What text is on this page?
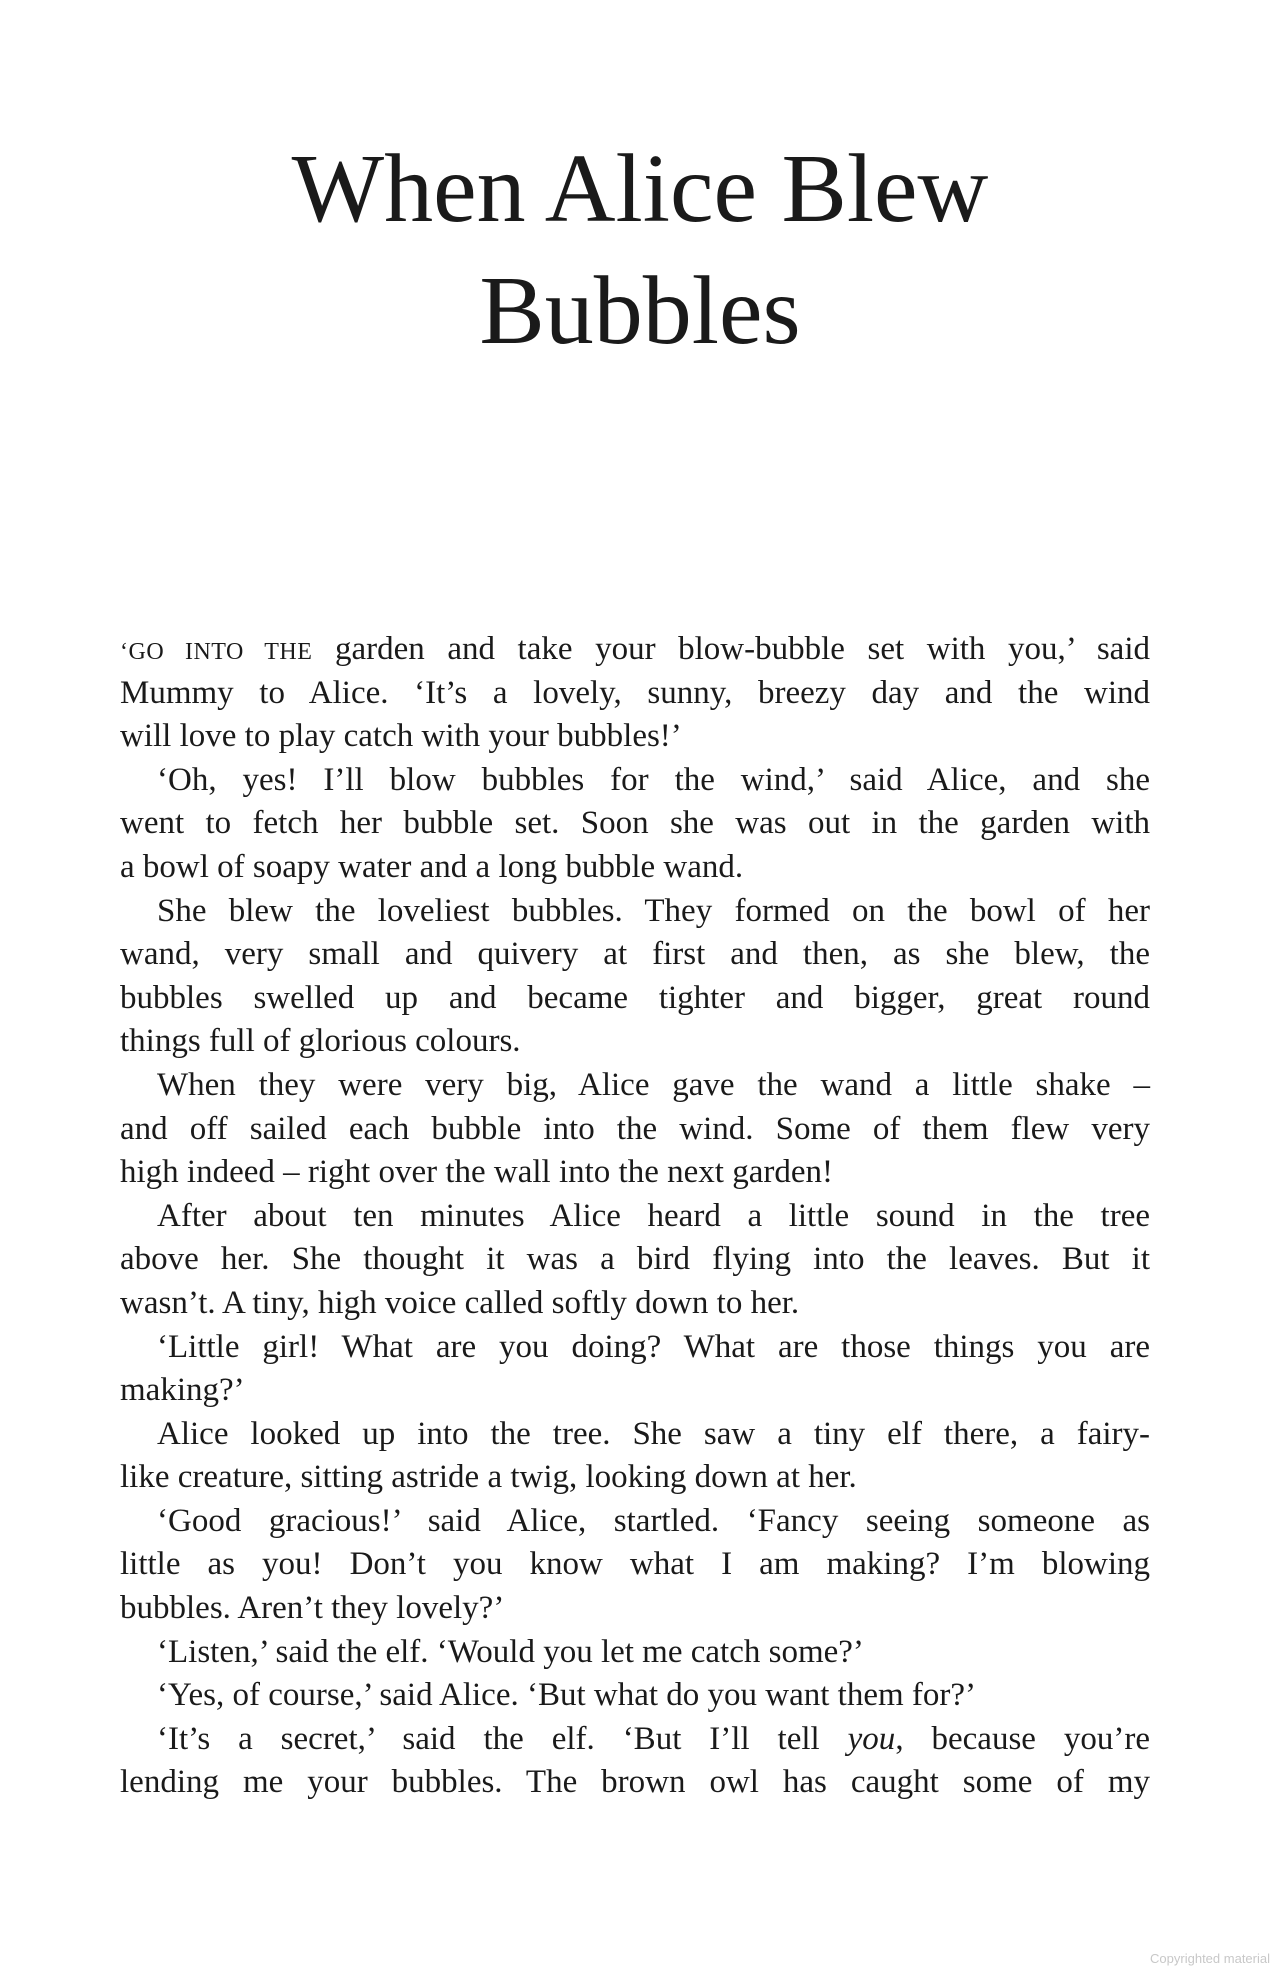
When Alice Blew
Bubbles
‘GO INTO THE garden and take your blow-bubble set with you,’ said
Mummy to Alice. ‘It’s a lovely, sunny, breezy day and the wind
will love to play catch with your bubbles!’
‘Oh, yes! I’ll blow bubbles for the wind,’ said Alice, and she
went to fetch her bubble set. Soon she was out in the garden with
a bowl of soapy water and a long bubble wand.
She blew the loveliest bubbles. They formed on the bowl of her
wand, very small and quivery at first and then, as she blew, the
bubbles swelled up and became tighter and bigger, great round
things full of glorious colours.
When they were very big, Alice gave the wand a little shake –
and off sailed each bubble into the wind. Some of them flew very
high indeed – right over the wall into the next garden!
After about ten minutes Alice heard a little sound in the tree
above her. She thought it was a bird flying into the leaves. But it
wasn’t. A tiny, high voice called softly down to her.
‘Little girl! What are you doing? What are those things you are
making?’
Alice looked up into the tree. She saw a tiny elf there, a fairy-
like creature, sitting astride a twig, looking down at her.
‘Good gracious!’ said Alice, startled. ‘Fancy seeing someone as
little as you! Don’t you know what I am making? I’m blowing
bubbles. Aren’t they lovely?’
‘Listen,’ said the elf. ‘Would you let me catch some?’
‘Yes, of course,’ said Alice. ‘But what do you want them for?’
‘It’s a secret,’ said the elf. ‘But I’ll tell you, because you’re
lending me your bubbles. The brown owl has caught some of my
Copyrighted material
